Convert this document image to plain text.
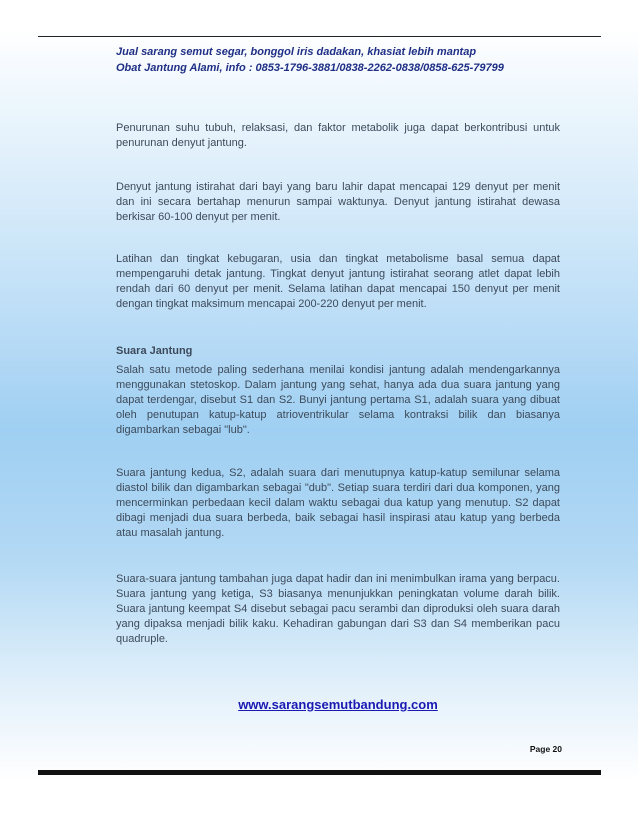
Jual sarang semut segar, bonggol iris dadakan, khasiat lebih mantap
Obat Jantung Alami, info : 0853-1796-3881/0838-2262-0838/0858-625-79799

Penurunan suhu tubuh, relaksasi, dan faktor metabolik juga dapat berkontribusi untuk penurunan denyut jantung.

Denyut jantung istirahat dari bayi yang baru lahir dapat mencapai 129 denyut per menit dan ini secara bertahap menurun sampai waktunya. Denyut jantung istirahat dewasa berkisar 60-100 denyut per menit.

Latihan dan tingkat kebugaran, usia dan tingkat metabolisme basal semua dapat mempengaruhi detak jantung. Tingkat denyut jantung istirahat seorang atlet dapat lebih rendah dari 60 denyut per menit. Selama latihan dapat mencapai 150 denyut per menit dengan tingkat maksimum mencapai 200-220 denyut per menit.

Suara Jantung

Salah satu metode paling sederhana menilai kondisi jantung adalah mendengarkannya menggunakan stetoskop. Dalam jantung yang sehat, hanya ada dua suara jantung yang dapat terdengar, disebut S1 dan S2. Bunyi jantung pertama S1, adalah suara yang dibuat oleh penutupan katup-katup atrioventrikular selama kontraksi bilik dan biasanya digambarkan sebagai "lub".

Suara jantung kedua, S2, adalah suara dari menutupnya katup-katup semilunar selama diastol bilik dan digambarkan sebagai "dub". Setiap suara terdiri dari dua komponen, yang mencerminkan perbedaan kecil dalam waktu sebagai dua katup yang menutup. S2 dapat dibagi menjadi dua suara berbeda, baik sebagai hasil inspirasi atau katup yang berbeda atau masalah jantung.

Suara-suara jantung tambahan juga dapat hadir dan ini menimbulkan irama yang berpacu. Suara jantung yang ketiga, S3 biasanya menunjukkan peningkatan volume darah bilik. Suara jantung keempat S4 disebut sebagai pacu serambi dan diproduksi oleh suara darah yang dipaksa menjadi bilik kaku. Kehadiran gabungan dari S3 dan S4 memberikan pacu quadruple.

www.sarangsemutbandung.com
Page 20
